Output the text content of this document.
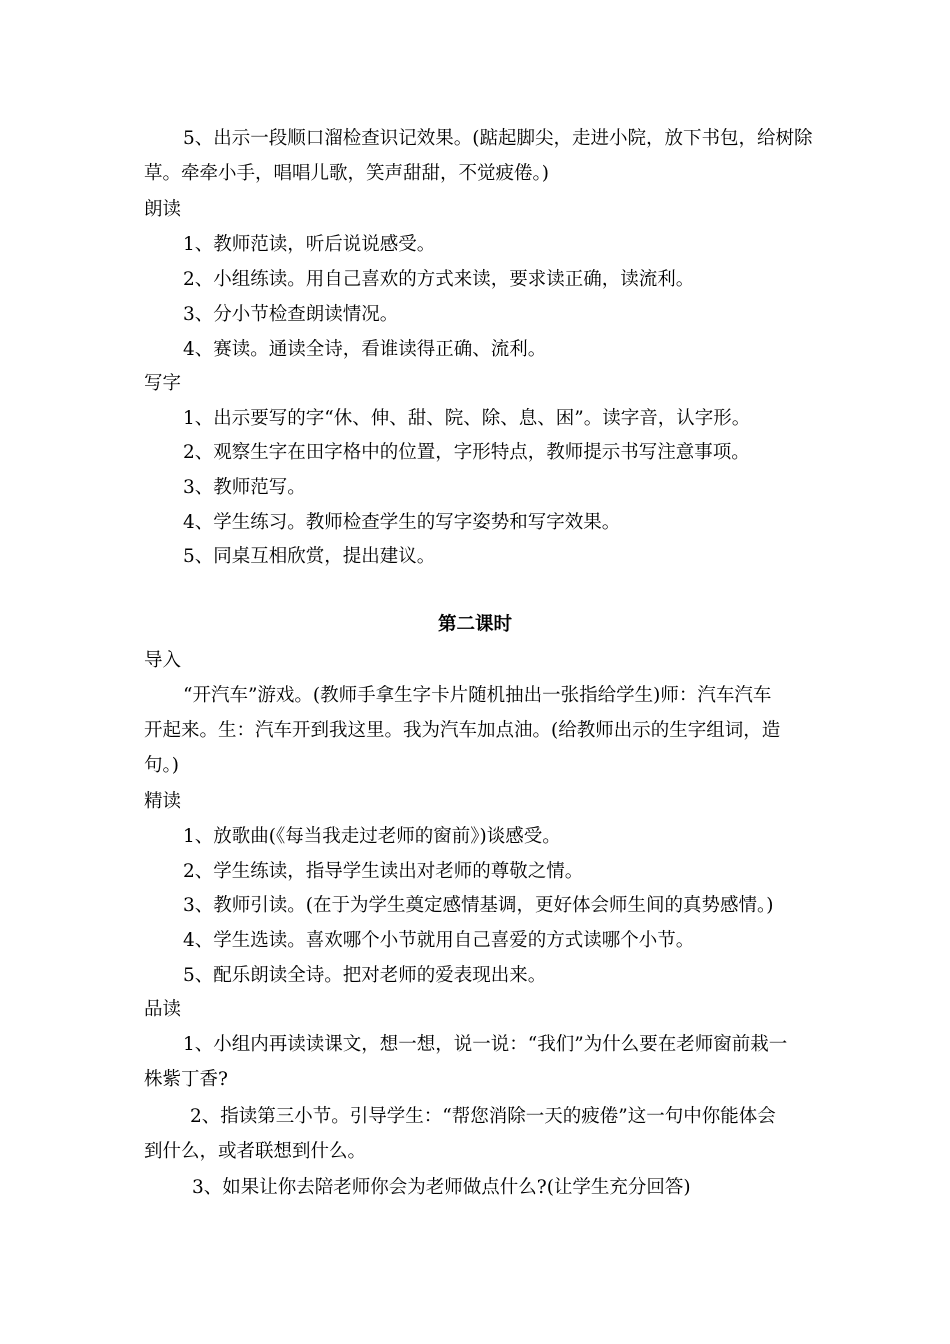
5、出示一段顺口溜检查识记效果。(踮起脚尖，走进小院，放下书包，给树除
草。牵牵小手，唱唱儿歌，笑声甜甜，不觉疲倦。)
朗读
1、教师范读，听后说说感受。
2、小组练读。用自己喜欢的方式来读，要求读正确，读流利。
3、分小节检查朗读情况。
4、赛读。通读全诗，看谁读得正确、流利。
写字
1、出示要写的字“休、伸、甜、院、除、息、困”。读字音，认字形。
2、观察生字在田字格中的位置，字形特点，教师提示书写注意事项。
3、教师范写。
4、学生练习。教师检查学生的写字姿势和写字效果。
5、同桌互相欣赏，提出建议。
第二课时
导入
“开汽车”游戏。(教师手拿生字卡片随机抽出一张指给学生)师：汽车汽车
开起来。生：汽车开到我这里。我为汽车加点油。(给教师出示的生字组词，造
句。)
精读
1、放歌曲(《每当我走过老师的窗前》)谈感受。
2、学生练读，指导学生读出对老师的尊敬之情。
3、教师引读。(在于为学生奠定感情基调，更好体会师生间的真势感情。)
4、学生选读。喜欢哪个小节就用自己喜爱的方式读哪个小节。
5、配乐朗读全诗。把对老师的爱表现出来。
品读
1、小组内再读读课文，想一想，说一说：“我们”为什么要在老师窗前栽一
株紫丁香?
2、指读第三小节。引导学生：“帮您消除一天的疲倦”这一句中你能体会
到什么，或者联想到什么。
3、如果让你去陪老师你会为老师做点什么?(让学生充分回答)
